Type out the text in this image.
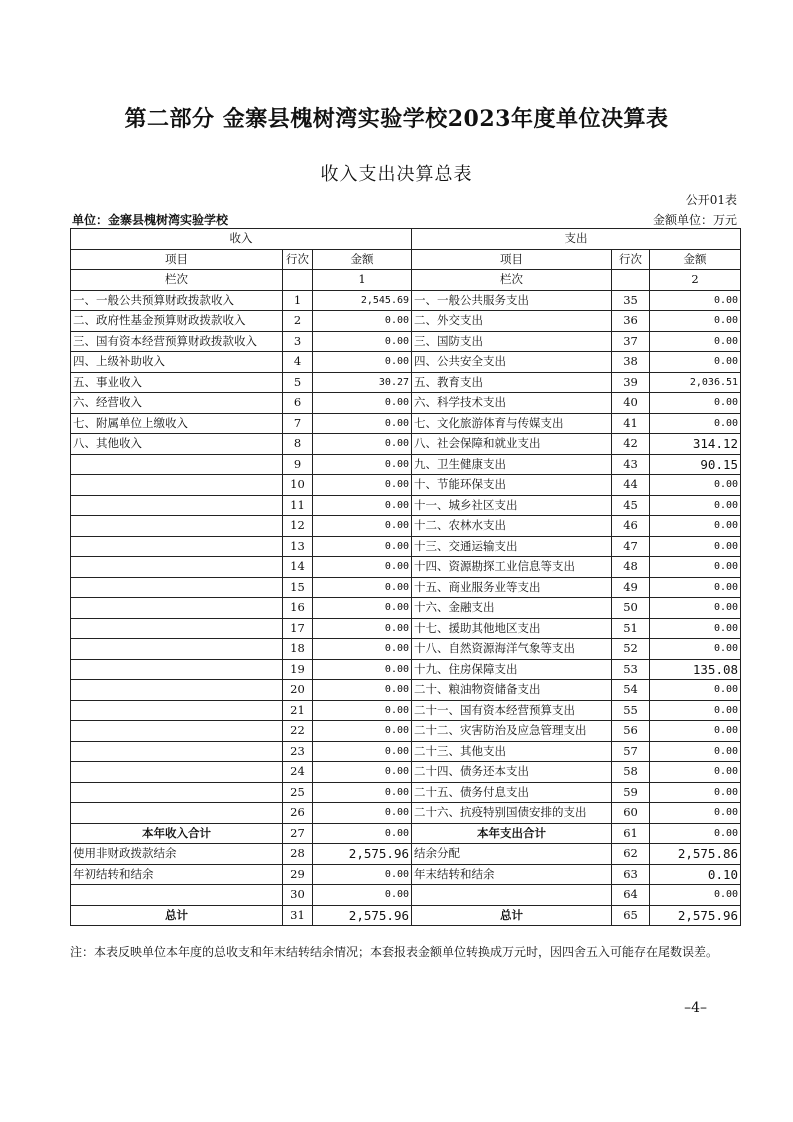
第二部分 金寨县槐树湾实验学校2023年度单位决算表
收入支出决算总表
公开01表
单位：金寨县槐树湾实验学校	金额单位：万元
收入			支出		
项目	行次	金额	项目	行次	金额
栏次		1	栏次		2
一、一般公共预算财政拨款收入	1	2,545.69	一、一般公共服务支出	35	0.00
二、政府性基金预算财政拨款收入	2	0.00	二、外交支出	36	0.00
三、国有资本经营预算财政拨款收入	3	0.00	三、国防支出	37	0.00
四、上级补助收入	4	0.00	四、公共安全支出	38	0.00
五、事业收入	5	30.27	五、教育支出	39	2,036.51
六、经营收入	6	0.00	六、科学技术支出	40	0.00
七、附属单位上缴收入	7	0.00	七、文化旅游体育与传媒支出	41	0.00
八、其他收入	8	0.00	八、社会保障和就业支出	42	314.12
	9	0.00	九、卫生健康支出	43	90.15
	10	0.00	十、节能环保支出	44	0.00
	11	0.00	十一、城乡社区支出	45	0.00
	12	0.00	十二、农林水支出	46	0.00
	13	0.00	十三、交通运输支出	47	0.00
	14	0.00	十四、资源勘探工业信息等支出	48	0.00
	15	0.00	十五、商业服务业等支出	49	0.00
	16	0.00	十六、金融支出	50	0.00
	17	0.00	十七、援助其他地区支出	51	0.00
	18	0.00	十八、自然资源海洋气象等支出	52	0.00
	19	0.00	十九、住房保障支出	53	135.08
	20	0.00	二十、粮油物资储备支出	54	0.00
	21	0.00	二十一、国有资本经营预算支出	55	0.00
	22	0.00	二十二、灾害防治及应急管理支出	56	0.00
	23	0.00	二十三、其他支出	57	0.00
	24	0.00	二十四、债务还本支出	58	0.00
	25	0.00	二十五、债务付息支出	59	0.00
	26	0.00	二十六、抗疫特别国债安排的支出	60	0.00
本年收入合计	27	0.00	本年支出合计	61	0.00
使用非财政拨款结余	28	2,575.96	结余分配	62	2,575.86
年初结转和结余	29	0.00	年末结转和结余	63	0.10
	30	0.00		64	0.00
总计	31	2,575.96	总计	65	2,575.96
注：本表反映单位本年度的总收支和年末结转结余情况；本套报表金额单位转换成万元时，因四舍五入可能存在尾数误差。
–4–
